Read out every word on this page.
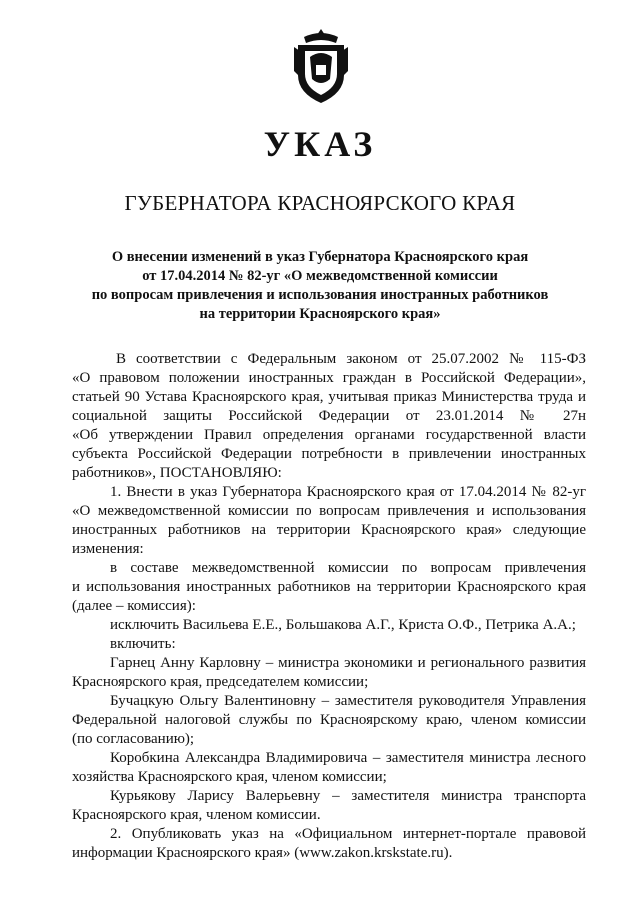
УКАЗ
ГУБЕРНАТОРА КРАСНОЯРСКОГО КРАЯ
О внесении изменений в указ Губернатора Красноярского края
от 17.04.2014 № 82-уг «О межведомственной комиссии
по вопросам привлечения и использования иностранных работников
на территории Красноярского края»
В соответствии с Федеральным законом от 25.07.2002 № 115-ФЗ
«О правовом положении иностранных граждан в Российской Федерации»,
статьей 90 Устава Красноярского края, учитывая приказ Министерства труда и
социальной защиты Российской Федерации от 23.01.2014 № 27н
«Об утверждении Правил определения органами государственной власти
субъекта Российской Федерации потребности в привлечении иностранных
работников», ПОСТАНОВЛЯЮ:
1. Внести в указ Губернатора Красноярского края от 17.04.2014 № 82-уг
«О межведомственной комиссии по вопросам привлечения и использования
иностранных работников на территории Красноярского края» следующие
изменения:
в составе межведомственной комиссии по вопросам привлечения
и использования иностранных работников на территории Красноярского края
(далее – комиссия):
исключить Васильева Е.Е., Большакова А.Г., Криста О.Ф., Петрика А.А.;
включить:
Гарнец Анну Карловну – министра экономики и регионального развития
Красноярского края, председателем комиссии;
Бучацкую Ольгу Валентиновну – заместителя руководителя Управления
Федеральной налоговой службы по Красноярскому краю, членом комиссии
(по согласованию);
Коробкина Александра Владимировича – заместителя министра лесного
хозяйства Красноярского края, членом комиссии;
Курьякову Ларису Валерьевну – заместителя министра транспорта
Красноярского края, членом комиссии.
2. Опубликовать указ на «Официальном интернет-портале правовой
информации Красноярского края» (www.zakon.krskstate.ru).
